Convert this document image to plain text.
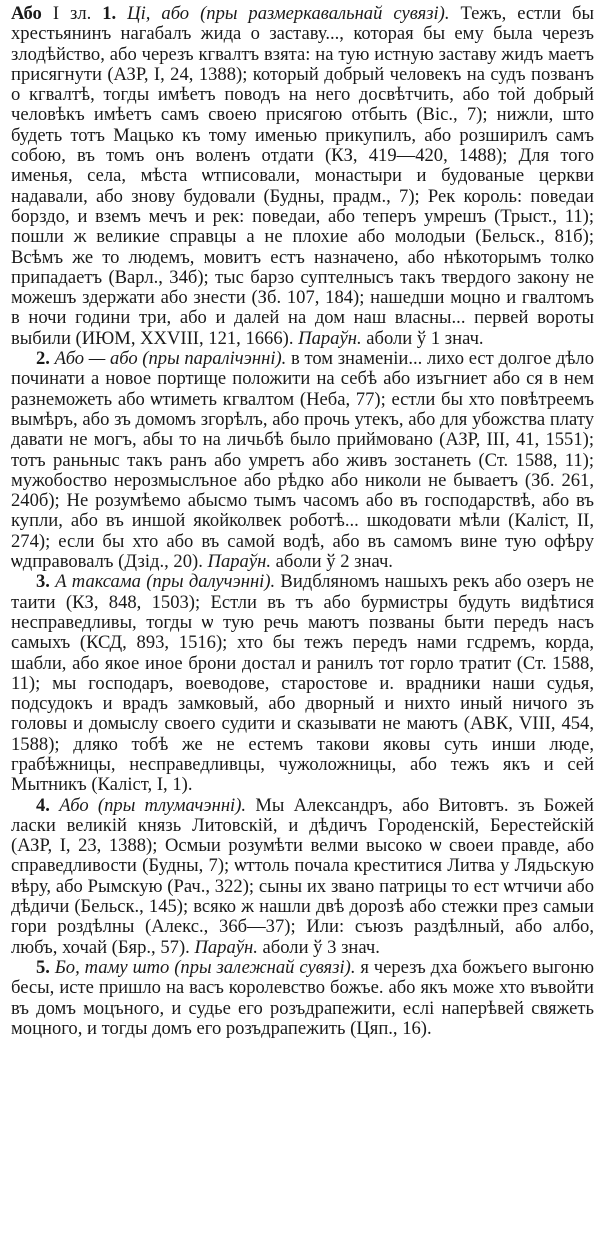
Або І зл. 1. Ці, або (пры размеркавальнай сувязі). Тежъ, естли бы хрестьянинъ нагабалъ жида о заставу..., которая бы ему была черезъ злодѣйство, або черезъ кгвалтъ взята: на тую истную заставу жидъ маетъ присягнути (АЗР, І, 24, 1388); который добрый человекъ на судъ позванъ о кгвалтѣ, тогды имѣетъ поводъ на него досвѣтчить, або той добрый человѣкъ имѣетъ самъ своею присягою отбыть (Віс., 7); нижли, што будеть тотъ Мацько къ тому именью прикупилъ, або розширилъ самъ собою, въ томъ онъ воленъ отдати (КЗ, 419—420, 1488); Для того именья, села, мѣста ѡтписовали, монастыри и будованые церкви надавали, або знову будовали (Будны, прадм., 7); Рек король: поведаи борздо, и вземъ мечъ и рек: поведаи, або теперъ умрешъ (Трыст., 11); пошли ж великие справцы а не плохие або молодыи (Бельск., 81б); Всѣмъ же то людемъ, мовитъ естъ назначено, або нѣкоторымъ толко припадаетъ (Варл., 34б); тыс барзо суптелнысъ такъ твердого закону не можешъ здержати або знести (Зб. 107, 184); нашедши моцно и гвалтомъ в ночи години три, або и далей на дом наш власны... первей вороты выбили (ИЮМ, XXVIII, 121, 1666). Параўн. аболи ў 1 знач.

2. Або — або (пры паралічэнні). в том знаменіи... лихо ест долгое дѣло починати а новое портище положити на себѣ або изъгниет або ся в нем разнеможеть або ѡтиметь кгвалтом (Неба, 77); естли бы хто повѣтреемъ вымѣръ, або зъ домомъ згорѣлъ, або прочь утекъ, або для убожства плату давати не могъ, абы то на личьбѣ было приймовано (АЗР, ІІІ, 41, 1551); тотъ раньныс такъ ранъ або умретъ або живъ зостанеть (Ст. 1588, 11); мужобоство нерозмыслъное або рѣдко або николи не бываетъ (Зб. 261, 240б); Не розумѣемо абысмо тымъ часомъ або въ господарствѣ, або въ купли, або въ иншой якойколвек роботѣ... шкодовати мѣли (Каліст, ІІ, 274); если бы хто або въ самой водѣ, або въ самомъ вине тую офѣру ѡдправовалъ (Дзід., 20). Параўн. аболи ў 2 знач.

3. А таксама (пры далучэнні). Видбляномъ нашыхъ рекъ або озеръ не таити (КЗ, 848, 1503); Естли въ тъ або бурмистры будуть видѣтися несправедливы, тогды ѡ тую речь маютъ позваны быти передъ насъ самыхъ (КСД, 893, 1516); хто бы тежъ передъ нами гсдремъ, корда, шабли, або якое иное брони достал и ранилъ тот горло тратит (Ст. 1588, 11); мы господаръ, воеводове, старостове и. врадники наши судья, подсудокъ и врадъ замковый, або дворный и нихто иный ничого зъ головы и домыслу своего судити и сказывати не маютъ (АВК, VIII, 454, 1588); дляко тобѣ же не естемъ такови яковы суть инши люде, грабѣжницы, несправедливцы, чужоложницы, або тежъ якъ и сей Мытникъ (Каліст, І, 1).

4. Або (пры тлумачэнні). Мы Александръ, або Витовтъ. зъ Божей ласки великій князь Литовскій, и дѣдичъ Городенскій, Берестейскій (АЗР, І, 23, 1388); Осмыи розумѣти велми высоко ѡ своеи правде, або справедливости (Будны, 7); ѡттоль почала креститися Литва у Лядьскую вѣру, або Рымскую (Рач., 322); сыны их звано патрицы то ест ѡтчичи або дѣдичи (Бельск., 145); всяко ж нашли двѣ дорозѣ або стежки през самыи гори роздѣлны (Алекс., 36б—37); Или: съюзъ раздѣлный, або албо, любъ, хочай (Бяр., 57). Параўн. аболи ў 3 знач.

5. Бо, таму што (пры залежнай сувязі). я черезъ дха божъего выгоню бесы, исте пришло на васъ королевство божъе. або якъ може хто въвойти въ домъ моцъного, и судье его розъдрапежити, еслі наперѣвей свяжеть моцного, и тогды домъ его розъдрапежить (Цяп., 16).
